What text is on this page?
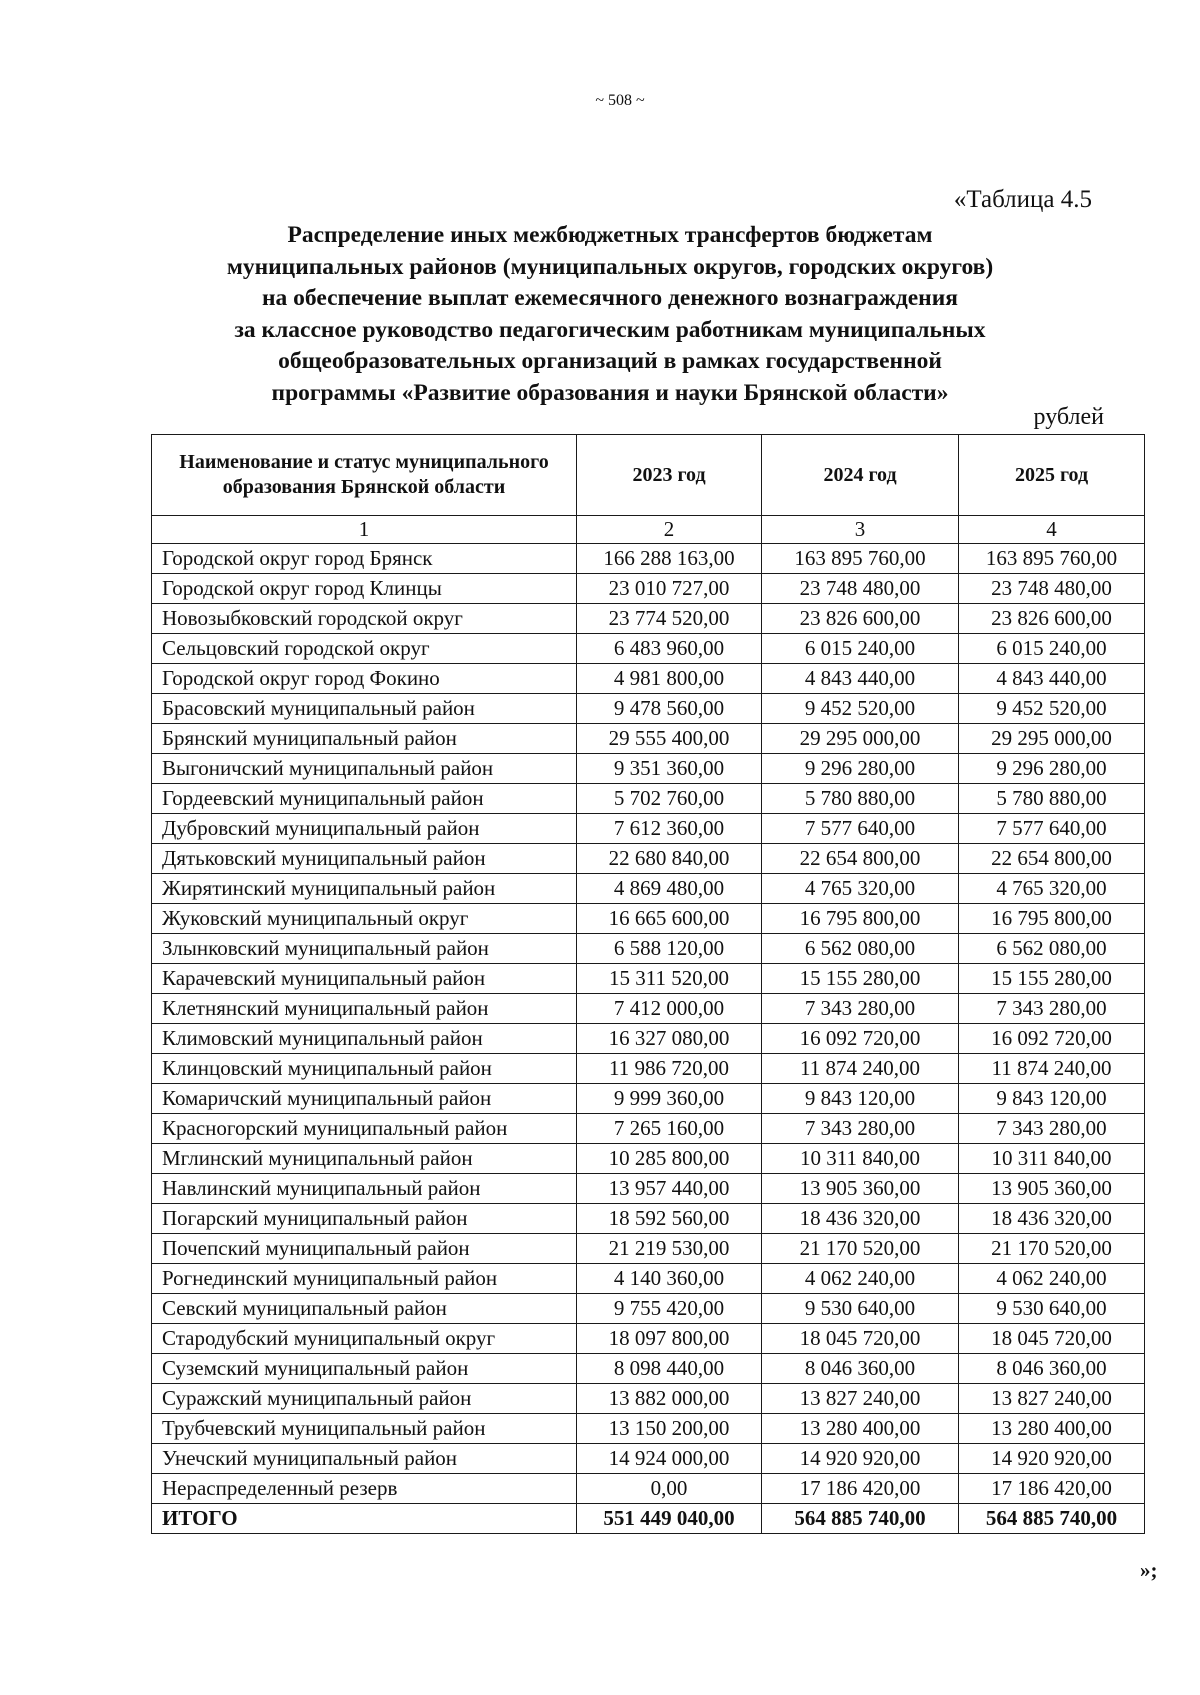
~ 508 ~
«Таблица 4.5
Распределение иных межбюджетных трансфертов бюджетам
муниципальных районов (муниципальных округов, городских округов)
на обеспечение выплат ежемесячного денежного вознаграждения
за классное руководство педагогическим работникам муниципальных
общеобразовательных организаций в рамках государственной
программы «Развитие образования и науки Брянской области»
рублей
Наименование и статус муниципального образования Брянской области	2023 год	2024 год	2025 год
1	2	3	4
Городской округ город Брянск	166 288 163,00	163 895 760,00	163 895 760,00
Городской округ город Клинцы	23 010 727,00	23 748 480,00	23 748 480,00
Новозыбковский городской округ	23 774 520,00	23 826 600,00	23 826 600,00
Сельцовский городской округ	6 483 960,00	6 015 240,00	6 015 240,00
Городской округ город Фокино	4 981 800,00	4 843 440,00	4 843 440,00
Брасовский муниципальный район	9 478 560,00	9 452 520,00	9 452 520,00
Брянский муниципальный район	29 555 400,00	29 295 000,00	29 295 000,00
Выгоничский муниципальный район	9 351 360,00	9 296 280,00	9 296 280,00
Гордеевский муниципальный район	5 702 760,00	5 780 880,00	5 780 880,00
Дубровский муниципальный район	7 612 360,00	7 577 640,00	7 577 640,00
Дятьковский муниципальный район	22 680 840,00	22 654 800,00	22 654 800,00
Жирятинский муниципальный район	4 869 480,00	4 765 320,00	4 765 320,00
Жуковский муниципальный округ	16 665 600,00	16 795 800,00	16 795 800,00
Злынковский муниципальный район	6 588 120,00	6 562 080,00	6 562 080,00
Карачевский муниципальный район	15 311 520,00	15 155 280,00	15 155 280,00
Клетнянский муниципальный район	7 412 000,00	7 343 280,00	7 343 280,00
Климовский муниципальный район	16 327 080,00	16 092 720,00	16 092 720,00
Клинцовский муниципальный район	11 986 720,00	11 874 240,00	11 874 240,00
Комаричский муниципальный район	9 999 360,00	9 843 120,00	9 843 120,00
Красногорский муниципальный район	7 265 160,00	7 343 280,00	7 343 280,00
Мглинский муниципальный район	10 285 800,00	10 311 840,00	10 311 840,00
Навлинский муниципальный район	13 957 440,00	13 905 360,00	13 905 360,00
Погарский муниципальный район	18 592 560,00	18 436 320,00	18 436 320,00
Почепский муниципальный район	21 219 530,00	21 170 520,00	21 170 520,00
Рогнединский муниципальный район	4 140 360,00	4 062 240,00	4 062 240,00
Севский муниципальный район	9 755 420,00	9 530 640,00	9 530 640,00
Стародубский муниципальный округ	18 097 800,00	18 045 720,00	18 045 720,00
Суземский муниципальный район	8 098 440,00	8 046 360,00	8 046 360,00
Суражский муниципальный район	13 882 000,00	13 827 240,00	13 827 240,00
Трубчевский муниципальный район	13 150 200,00	13 280 400,00	13 280 400,00
Унечский муниципальный район	14 924 000,00	14 920 920,00	14 920 920,00
Нераспределенный резерв	0,00	17 186 420,00	17 186 420,00
ИТОГО	551 449 040,00	564 885 740,00	564 885 740,00
»;
